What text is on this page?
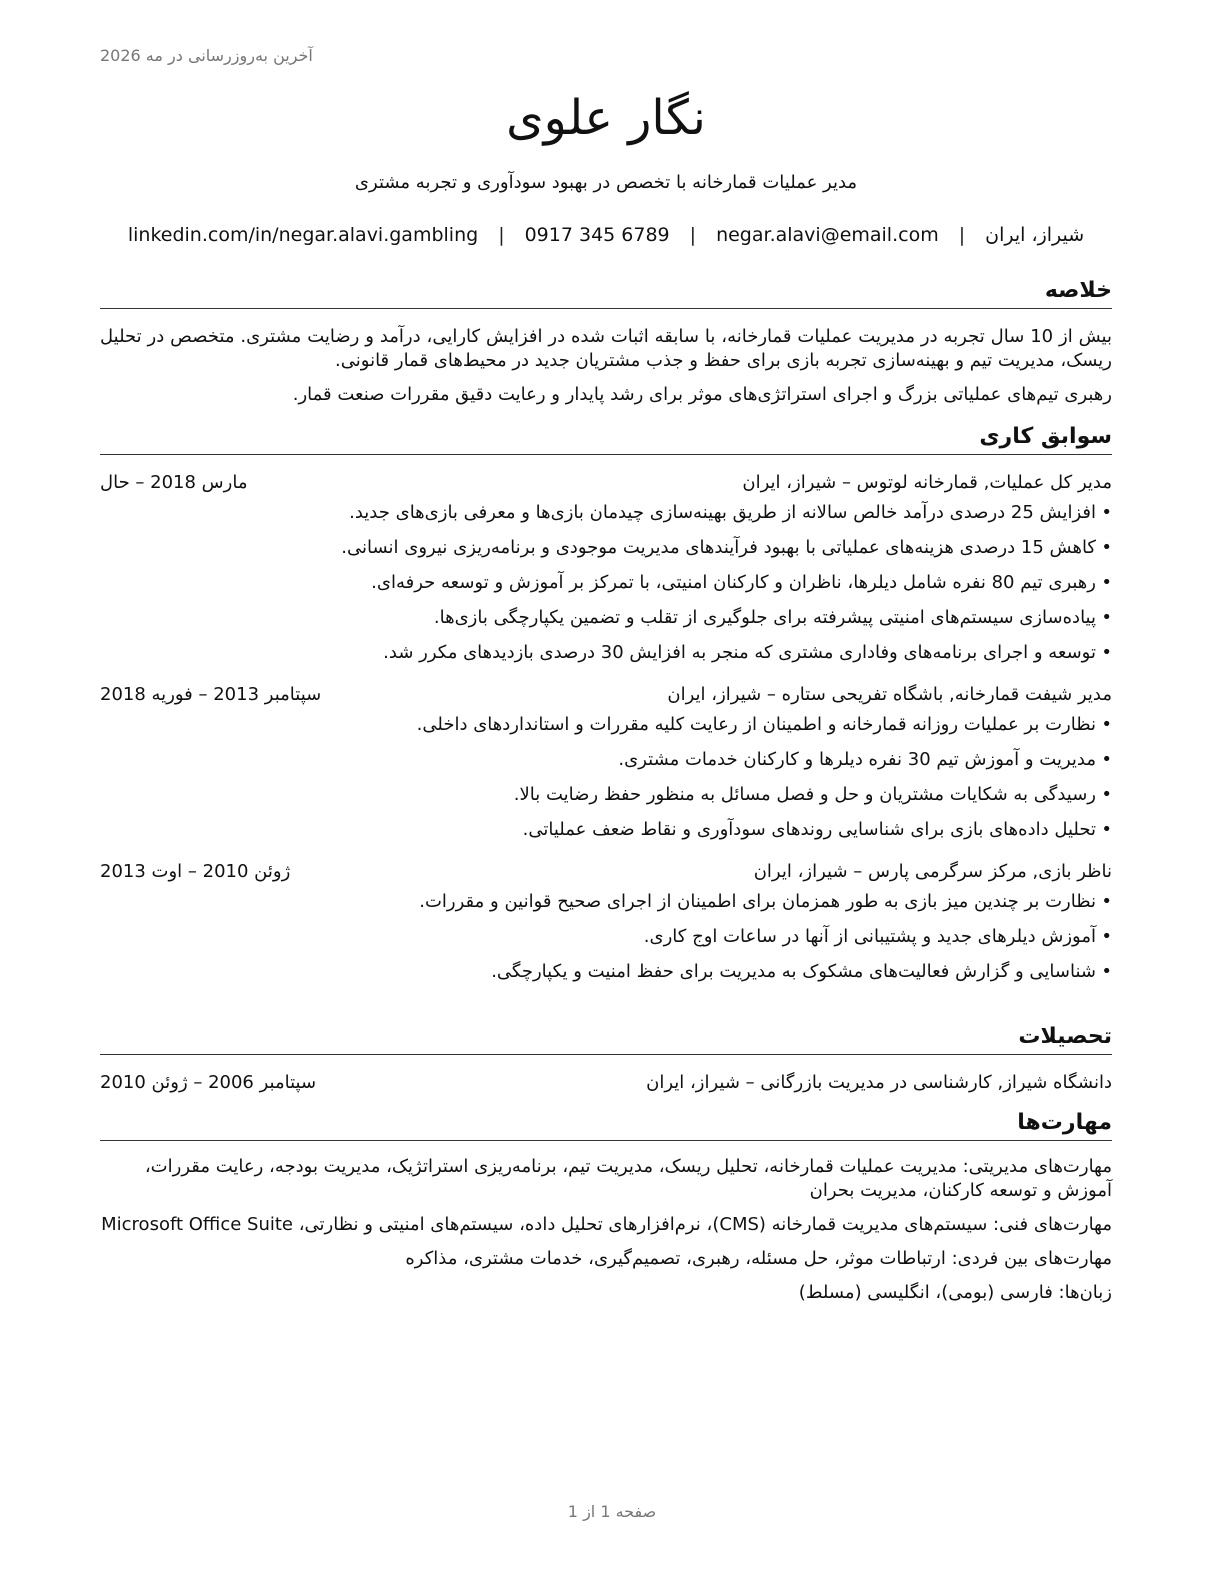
آخرین به‌روزرسانی در مه 2026
نگار علوی
مدیر عملیات قمارخانه با تخصص در بهبود سودآوری و تجربه مشتری
شیراز، ایران
|
negar.alavi@email.com
|
0917 345 6789
|
linkedin.com/in/negar.alavi.gambling
خلاصه

بیش از 10 سال تجربه در مدیریت عملیات قمارخانه، با سابقه اثبات شده در افزایش کارایی، درآمد و رضایت مشتری. متخصص در تحلیل ریسک، مدیریت تیم و بهینه‌سازی تجربه بازی برای حفظ و جذب مشتریان جدید در محیط‌های قمار قانونی.

رهبری تیم‌های عملیاتی بزرگ و اجرای استراتژی‌های موثر برای رشد پایدار و رعایت دقیق مقررات صنعت قمار.

سوابق کاری
مدیر کل عملیات, قمارخانه لوتوس – شیراز، ایران
مارس 2018 – حال
• افزایش 25 درصدی درآمد خالص سالانه از طریق بهینه‌سازی چیدمان بازی‌ها و معرفی بازی‌های جدید.
• کاهش 15 درصدی هزینه‌های عملیاتی با بهبود فرآیندهای مدیریت موجودی و برنامه‌ریزی نیروی انسانی.
• رهبری تیم 80 نفره شامل دیلرها، ناظران و کارکنان امنیتی، با تمرکز بر آموزش و توسعه حرفه‌ای.
• پیاده‌سازی سیستم‌های امنیتی پیشرفته برای جلوگیری از تقلب و تضمین یکپارچگی بازی‌ها.
• توسعه و اجرای برنامه‌های وفاداری مشتری که منجر به افزایش 30 درصدی بازدیدهای مکرر شد.
مدیر شیفت قمارخانه, باشگاه تفریحی ستاره – شیراز، ایران
سپتامبر 2013 – فوریه 2018
• نظارت بر عملیات روزانه قمارخانه و اطمینان از رعایت کلیه مقررات و استانداردهای داخلی.
• مدیریت و آموزش تیم 30 نفره دیلرها و کارکنان خدمات مشتری.
• رسیدگی به شکایات مشتریان و حل و فصل مسائل به منظور حفظ رضایت بالا.
• تحلیل داده‌های بازی برای شناسایی روندهای سودآوری و نقاط ضعف عملیاتی.
ناظر بازی, مرکز سرگرمی پارس – شیراز، ایران
ژوئن 2010 – اوت 2013
• نظارت بر چندین میز بازی به طور همزمان برای اطمینان از اجرای صحیح قوانین و مقررات.
• آموزش دیلرهای جدید و پشتیبانی از آنها در ساعات اوج کاری.
• شناسایی و گزارش فعالیت‌های مشکوک به مدیریت برای حفظ امنیت و یکپارچگی.
تحصیلات
دانشگاه شیراز, کارشناسی در مدیریت بازرگانی – شیراز، ایران
سپتامبر 2006 – ژوئن 2010
مهارت‌ها

مهارت‌های مدیریتی: مدیریت عملیات قمارخانه، تحلیل ریسک، مدیریت تیم، برنامه‌ریزی استراتژیک، مدیریت بودجه، رعایت مقررات، آموزش و توسعه کارکنان، مدیریت بحران

مهارت‌های فنی: سیستم‌های مدیریت قمارخانه (CMS)، نرم‌افزارهای تحلیل داده، سیستم‌های امنیتی و نظارتی، Microsoft Office Suite

مهارت‌های بین فردی: ارتباطات موثر، حل مسئله، رهبری، تصمیم‌گیری، خدمات مشتری، مذاکره

زبان‌ها: فارسی (بومی)، انگلیسی (مسلط)

صفحه 1 از 1
